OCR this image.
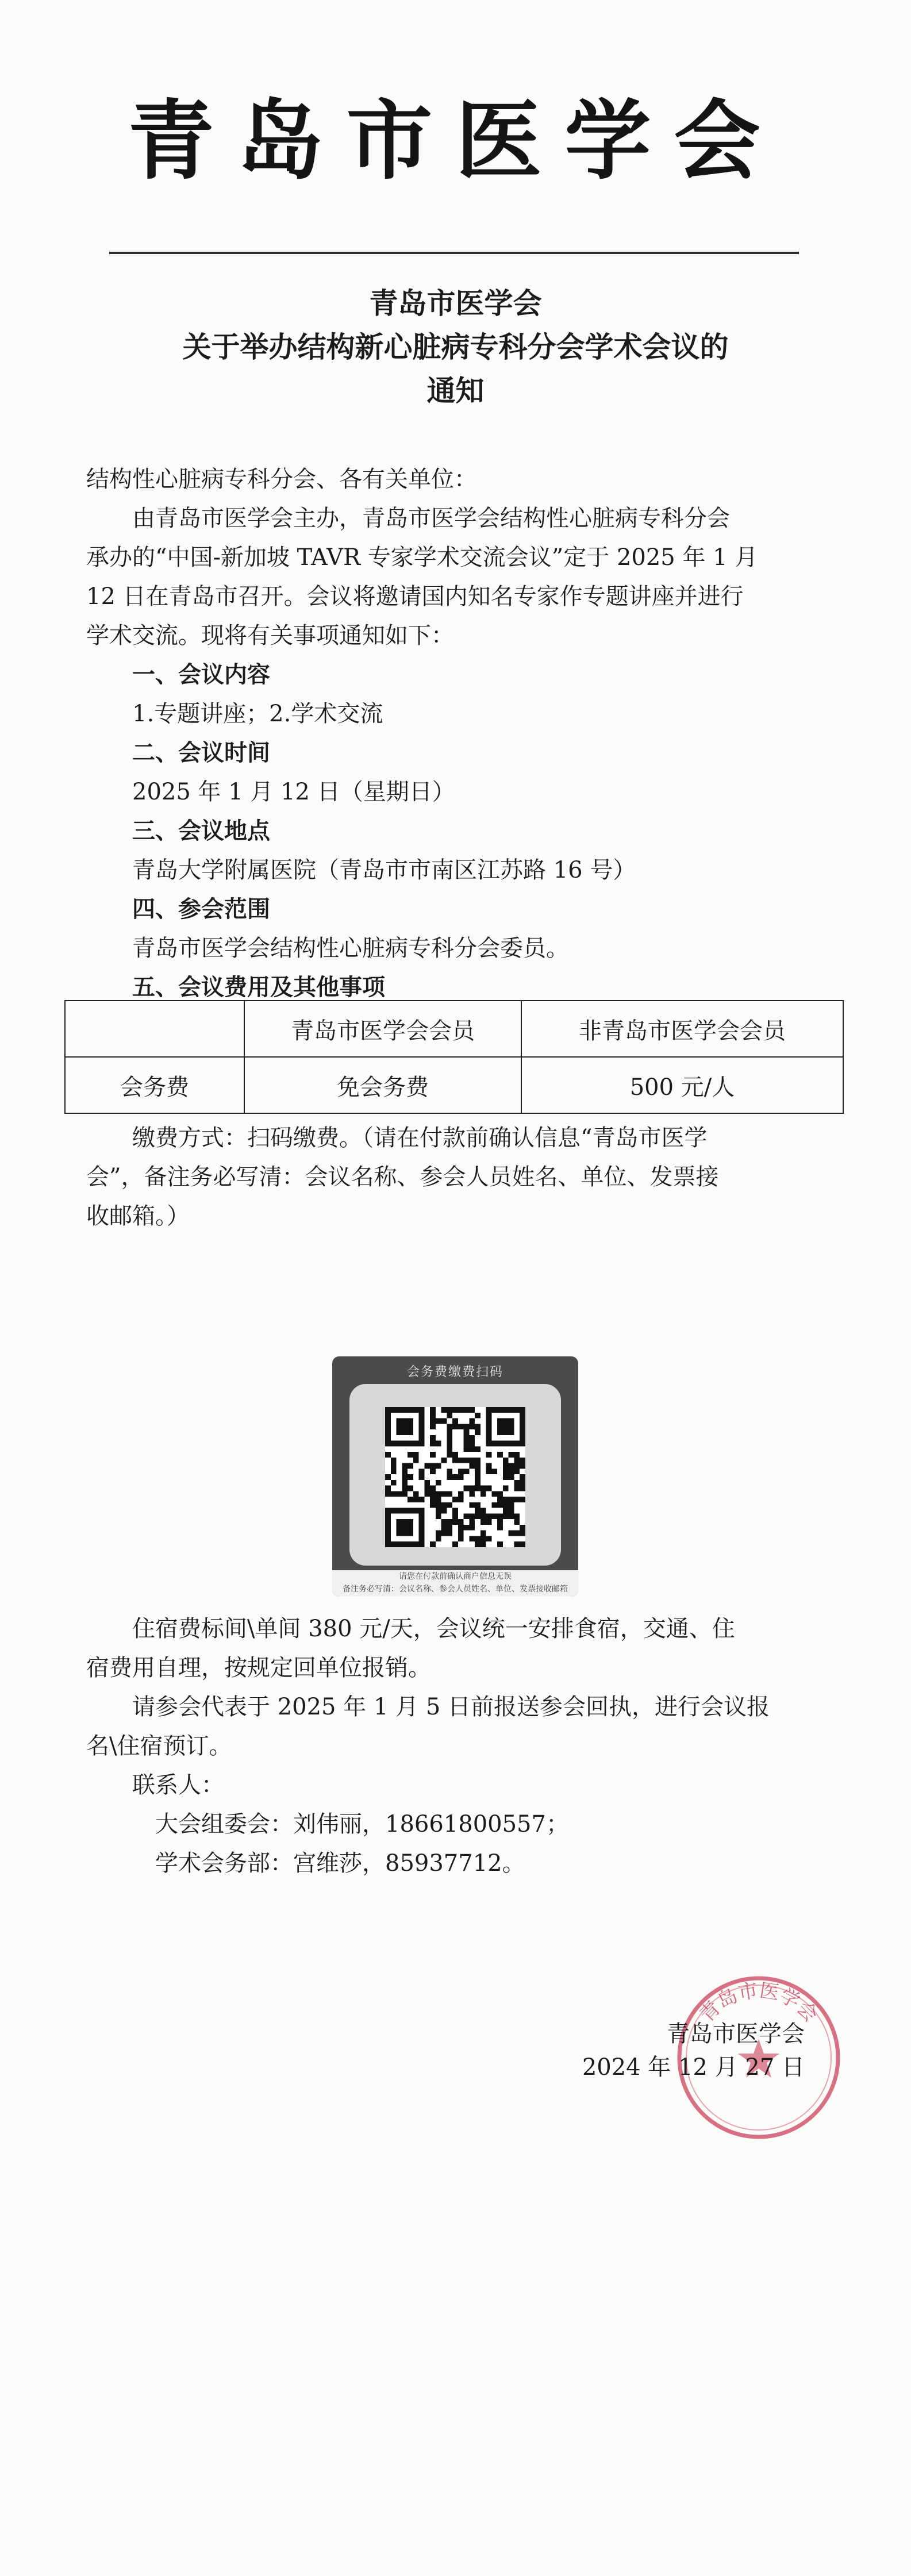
青岛市医学会
青岛市医学会
关于举办结构新心脏病专科分会学术会议的
通知

结构性心脏病专科分会、各有关单位：

由青岛市医学会主办，青岛市医学会结构性心脏病专科分会

承办的“中国-新加坡 TAVR 专家学术交流会议”定于 2025 年 1 月

12 日在青岛市召开。会议将邀请国内知名专家作专题讲座并进行

学术交流。现将有关事项通知如下：

一、会议内容
1.专题讲座；2.学术交流
二、会议时间
2025 年 1 月 12 日（星期日）
三、会议地点
青岛大学附属医院（青岛市市南区江苏路 16 号）
四、参会范围
青岛市医学会结构性心脏病专科分会委员。
五、会议费用及其他事项
	青岛市医学会会员	非青岛市医学会会员
会务费	免会务费	500 元/人

缴费方式：扫码缴费。（请在付款前确认信息“青岛市医学

会”，备注务必写清：会议名称、参会人员姓名、单位、发票接

收邮箱。）

会务费缴费扫码
请您在付款前确认商户信息无误
备注务必写清：会议名称、参会人员姓名、单位、发票接收邮箱

住宿费标间\单间 380 元/天，会议统一安排食宿，交通、住

宿费用自理，按规定回单位报销。

请参会代表于 2025 年 1 月 5 日前报送参会回执，进行会议报

名\住宿预订。

联系人：

大会组委会：刘伟丽，18661800557；

学术会务部：宫维莎，85937712。

青岛市医学会
青岛市医学会
2024 年 12 月 27 日
